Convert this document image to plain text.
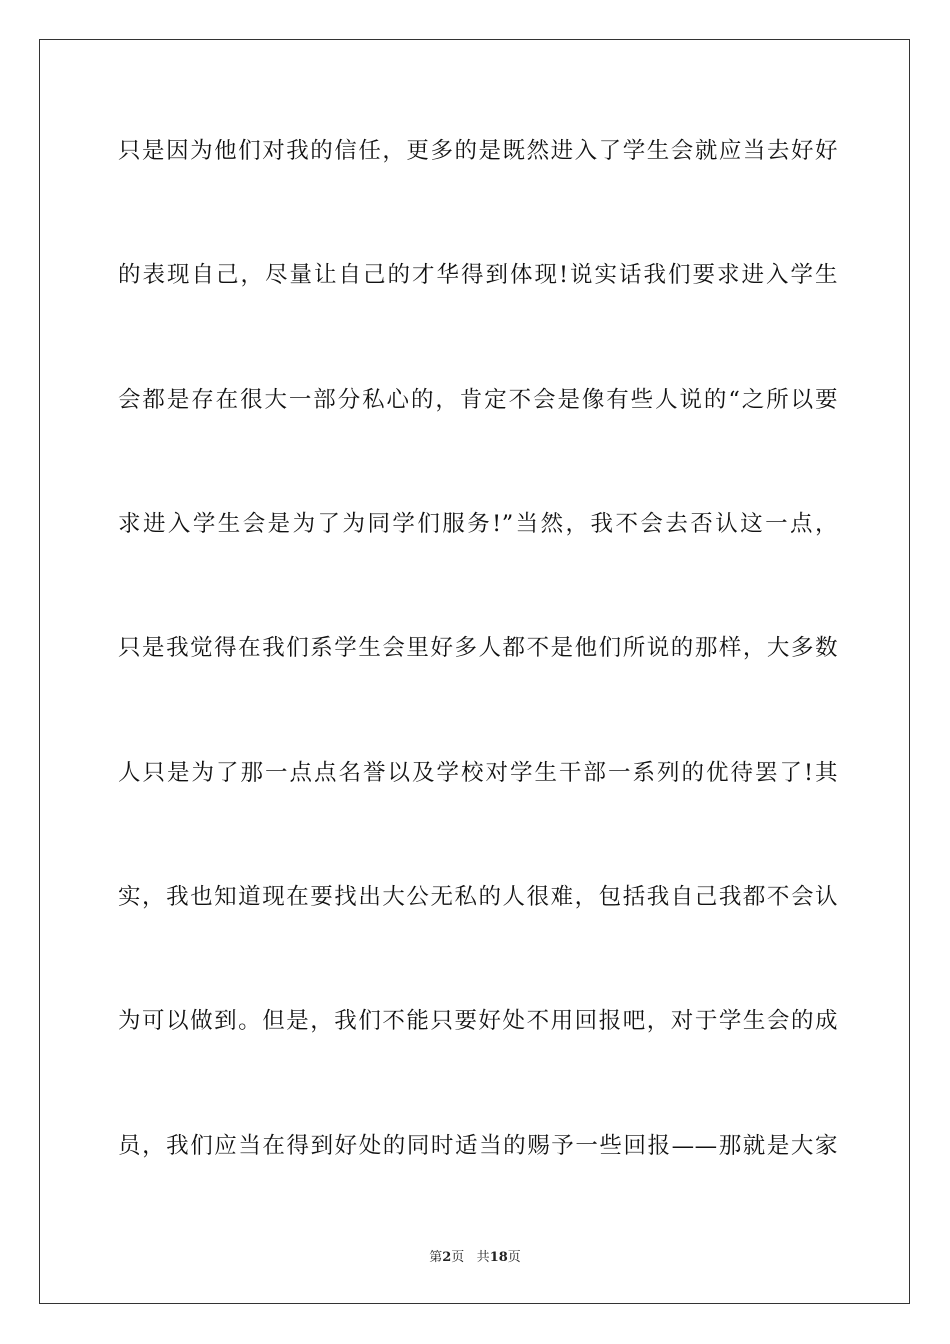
只是因为他们对我的信任，更多的是既然进入了学生会就应当去好好
的表现自己，尽量让自己的才华得到体现!说实话我们要求进入学生
会都是存在很大一部分私心的，肯定不会是像有些人说的“之所以要
求进入学生会是为了为同学们服务!”当然，我不会去否认这一点，
只是我觉得在我们系学生会里好多人都不是他们所说的那样，大多数
人只是为了那一点点名誉以及学校对学生干部一系列的优待罢了!其
实，我也知道现在要找出大公无私的人很难，包括我自己我都不会认
为可以做到。但是，我们不能只要好处不用回报吧，对于学生会的成
员，我们应当在得到好处的同时适当的赐予一些回报——那就是大家
第2页 共18页
